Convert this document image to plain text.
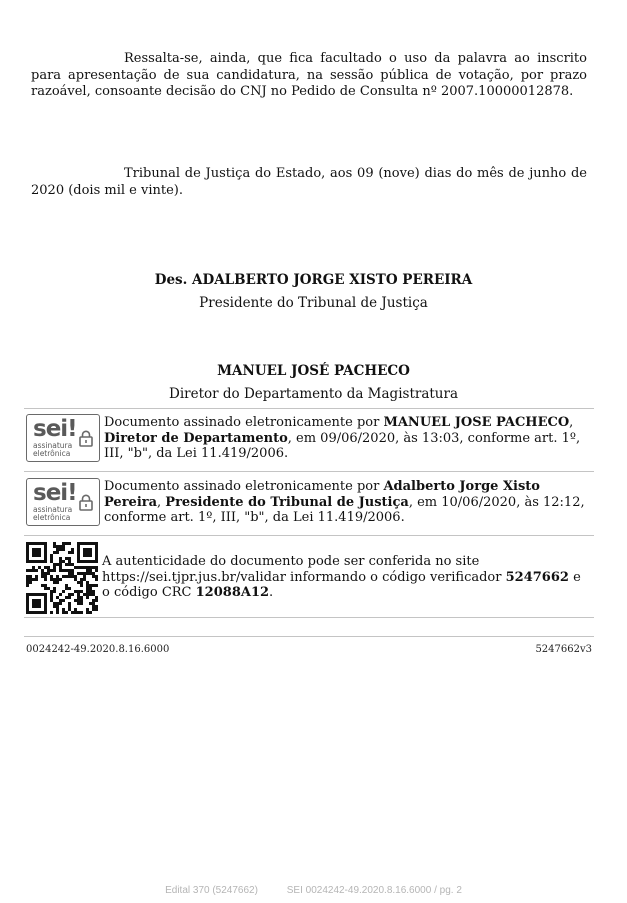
Ressalta-se, ainda, que fica facultado o uso da palavra ao inscrito para apresentação de sua candidatura, na sessão pública de votação, por prazo razoável, consoante decisão do CNJ no Pedido de Consulta nº 2007.10000012878.

Tribunal de Justiça do Estado, aos 09 (nove) dias do mês de junho de 2020 (dois mil e vinte).

Des. ADALBERTO JORGE XISTO PEREIRA

Presidente do Tribunal de Justiça

MANUEL JOSÉ PACHECO

Diretor do Departamento da Magistratura

sei!
assinatura
eletrônica
Documento assinado eletronicamente por MANUEL JOSE PACHECO, Diretor de Departamento, em 09/06/2020, às 13:03, conforme art. 1º, III, "b", da Lei 11.419/2006.
sei!
assinatura
eletrônica
Documento assinado eletronicamente por Adalberto Jorge Xisto Pereira, Presidente do Tribunal de Justiça, em 10/06/2020, às 12:12, conforme art. 1º, III, "b", da Lei 11.419/2006.
A autenticidade do documento pode ser conferida no site https://sei.tjpr.jus.br/validar informando o código verificador 5247662 e o código CRC 12088A12.
0024242-49.2020.8.16.6000	5247662v3
Edital 370 (5247662)	SEI 0024242-49.2020.8.16.6000 / pg. 2
